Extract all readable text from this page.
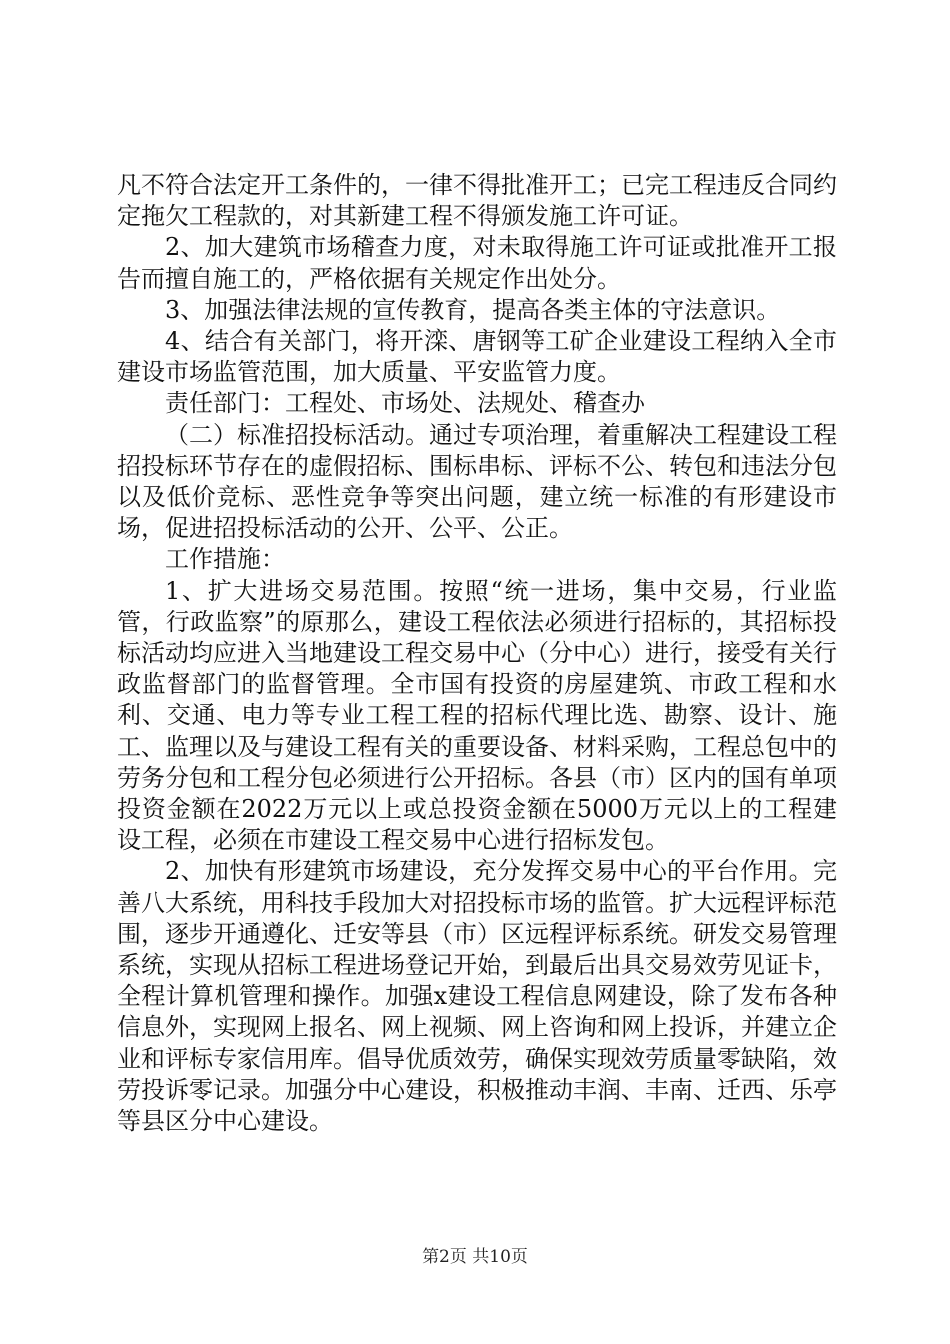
凡不符合法定开工条件的，一律不得批准开工；已完工程违反合同约定拖欠工程款的，对其新建工程不得颁发施工许可证。

2、加大建筑市场稽查力度，对未取得施工许可证或批准开工报告而擅自施工的，严格依据有关规定作出处分。

3、加强法律法规的宣传教育，提高各类主体的守法意识。

4、结合有关部门，将开滦、唐钢等工矿企业建设工程纳入全市建设市场监管范围，加大质量、平安监管力度。

责任部门：工程处、市场处、法规处、稽查办

（二）标准招投标活动。通过专项治理，着重解决工程建设工程招投标环节存在的虚假招标、围标串标、评标不公、转包和违法分包以及低价竞标、恶性竞争等突出问题，建立统一标准的有形建设市场，促进招投标活动的公开、公平、公正。

工作措施：

1、扩大进场交易范围。按照“统一进场，集中交易，行业监管，行政监察”的原那么，建设工程依法必须进行招标的，其招标投标活动均应进入当地建设工程交易中心（分中心）进行，接受有关行政监督部门的监督管理。全市国有投资的房屋建筑、市政工程和水利、交通、电力等专业工程工程的招标代理比选、勘察、设计、施工、监理以及与建设工程有关的重要设备、材料采购，工程总包中的劳务分包和工程分包必须进行公开招标。各县（市）区内的国有单项投资金额在2022万元以上或总投资金额在5000万元以上的工程建设工程，必须在市建设工程交易中心进行招标发包。

2、加快有形建筑市场建设，充分发挥交易中心的平台作用。完善八大系统，用科技手段加大对招投标市场的监管。扩大远程评标范围，逐步开通遵化、迁安等县（市）区远程评标系统。研发交易管理系统，实现从招标工程进场登记开始，到最后出具交易效劳见证卡，全程计算机管理和操作。加强x建设工程信息网建设，除了发布各种信息外，实现网上报名、网上视频、网上咨询和网上投诉，并建立企业和评标专家信用库。倡导优质效劳，确保实现效劳质量零缺陷，效劳投诉零记录。加强分中心建设，积极推动丰润、丰南、迁西、乐亭等县区分中心建设。

第2页 共10页
